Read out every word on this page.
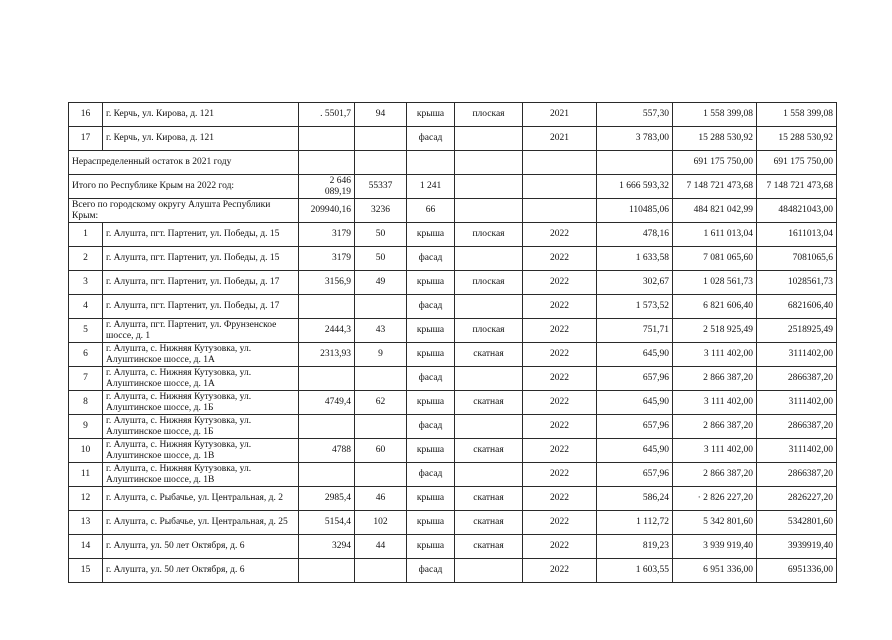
16	г. Керчь, ул. Кирова, д. 121	. 5501,7	94	крыша	плоская	2021	557,30	1 558 399,08	1 558 399,08
17	г. Керчь, ул. Кирова, д. 121			фасад		2021	3 783,00	15 288 530,92	15 288 530,92
Нераспределенный остаток в 2021 году								691 175 750,00	691 175 750,00
Итого по Республике Крым на 2022 год:		2 646 089,19	55337	1 241			1 666 593,32	7 148 721 473,68	7 148 721 473,68
Всего по городскому округу Алушта Республики Крым:		209940,16	3236	66			110485,06	484 821 042,99	484821043,00
1	г. Алушта, пгт. Партенит, ул. Победы, д. 15	3179	50	крыша	плоская	2022	478,16	1 611 013,04	1611013,04
2	г. Алушта, пгт. Партенит, ул. Победы, д. 15	3179	50	фасад		2022	1 633,58	7 081 065,60	7081065,6
3	г. Алушта, пгт. Партенит, ул. Победы, д. 17	3156,9	49	крыша	плоская	2022	302,67	1 028 561,73	1028561,73
4	г. Алушта, пгт. Партенит, ул. Победы, д. 17			фасад		2022	1 573,52	6 821 606,40	6821606,40
5	г. Алушта, пгт. Партенит, ул. Фрунзенское шоссе, д. 1	2444,3	43	крыша	плоская	2022	751,71	2 518 925,49	2518925,49
6	г. Алушта, с. Нижняя Кутузовка, ул. Алуштинское шоссе, д. 1А	2313,93	9	крыша	скатная	2022	645,90	3 111 402,00	3111402,00
7	г. Алушта, с. Нижняя Кутузовка, ул. Алуштинское шоссе, д. 1А			фасад		2022	657,96	2 866 387,20	2866387,20
8	г. Алушта, с. Нижняя Кутузовка, ул. Алуштинское шоссе, д. 1Б	4749,4	62	крыша	скатная	2022	645,90	3 111 402,00	3111402,00
9	г. Алушта, с. Нижняя Кутузовка, ул. Алуштинское шоссе, д. 1Б			фасад		2022	657,96	2 866 387,20	2866387,20
10	г. Алушта, с. Нижняя Кутузовка, ул. Алуштинское шоссе, д. 1В	4788	60	крыша	скатная	2022	645,90	3 111 402,00	3111402,00
11	г. Алушта, с. Нижняя Кутузовка, ул. Алуштинское шоссе, д. 1В			фасад		2022	657,96	2 866 387,20	2866387,20
12	г. Алушта, с. Рыбачье, ул. Центральная, д. 2	2985,4	46	крыша	скатная	2022	586,24	· 2 826 227,20	2826227,20
13	г. Алушта, с. Рыбачье, ул. Центральная, д. 25	5154,4	102	крыша	скатная	2022	1 112,72	5 342 801,60	5342801,60
14	г. Алушта, ул. 50 лет Октября, д. 6	3294	44	крыша	скатная	2022	819,23	3 939 919,40	3939919,40
15	г. Алушта, ул. 50 лет Октября, д. 6			фасад		2022	1 603,55	6 951 336,00	6951336,00
